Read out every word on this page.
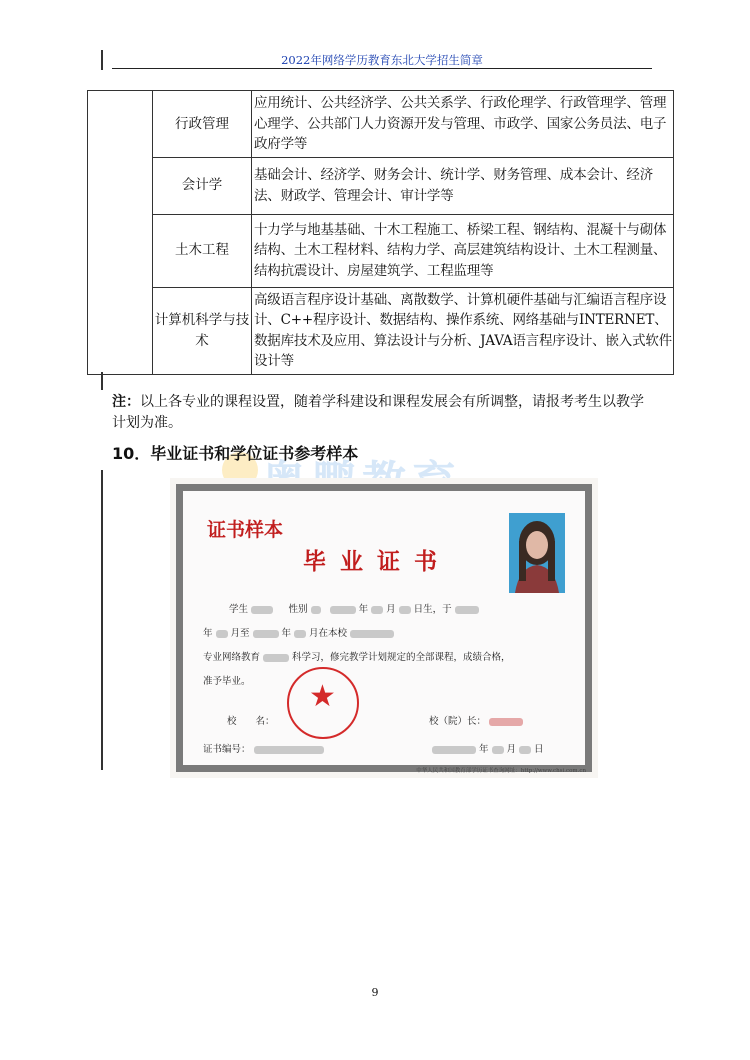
2022年网络学历教育东北大学招生简章
	行政管理	应用统计、公共经济学、公共关系学、行政伦理学、行政管理学、管理心理学、公共部门人力资源开发与管理、市政学、国家公务员法、电子政府学等
	会计学	基础会计、经济学、财务会计、统计学、财务管理、成本会计、经济法、财政学、管理会计、审计学等
	土木工程	十力学与地基基础、十木工程施工、桥梁工程、钢结构、混凝十与砌体结构、土木工程材料、结构力学、高层建筑结构设计、土木工程测量、结构抗震设计、房屋建筑学、工程监理等
	计算机科学与技术	高级语言程序设计基础、离散数学、计算机硬件基础与汇编语言程序设计、C++程序设计、数据结构、操作系统、网络基础与INTERNET、数据库技术及应用、算法设计与分析、JAVA语言程序设计、嵌入式软件设计等
注：以上各专业的课程设置，随着学科建设和课程发展会有所调整，请报考考生以教学计划为准。
10．毕业证书和学位证书参考样本
证书样本
毕业证书
学生 　	性别	年 月 日生，于
年 月至	年 月在本校
专业网络教育	科学习，修完教学计划规定的全部课程，成绩合格，
准予毕业。 ★
校　　名：	校（院）长：
证书编号：	年 月 日
中华人民共和国教育部学历证书查询网址：http://www.chsi.com.cn
9
